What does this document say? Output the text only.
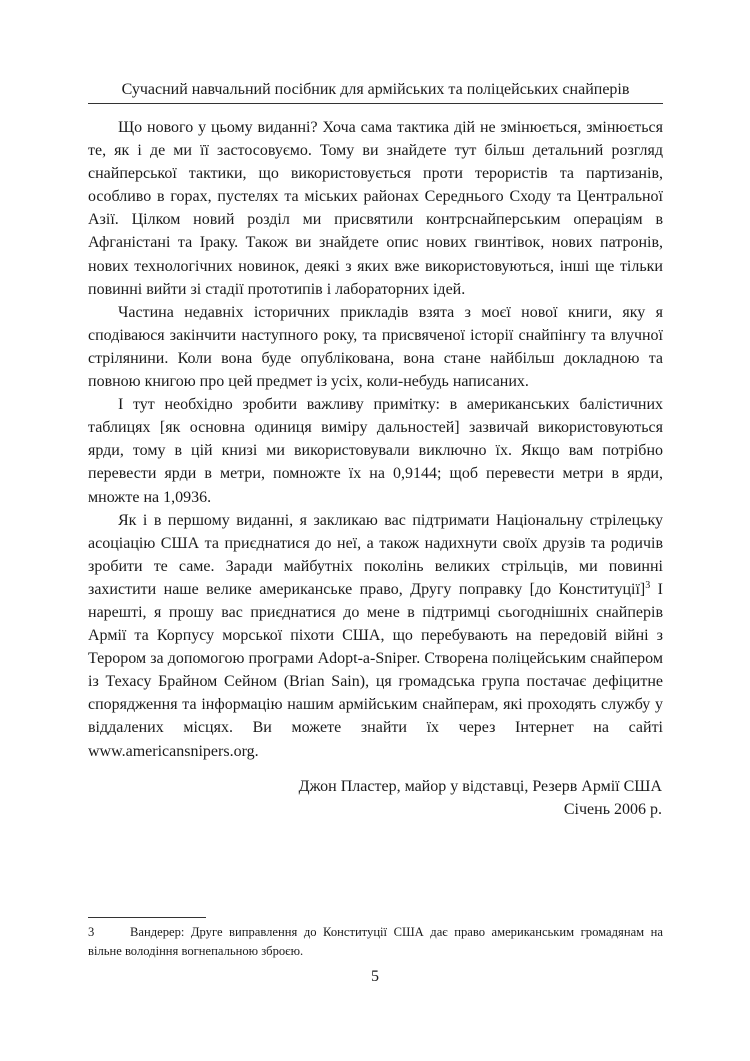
Сучасний навчальний посібник для армійських та поліцейських снайперів

Що нового у цьому виданні? Хоча сама тактика дій не змінюється, змінюється те, як і де ми її застосовуємо. Тому ви знайдете тут більш детальний розгляд снайперської тактики, що використовується проти терористів та партизанів, особливо в горах, пустелях та міських районах Середнього Сходу та Центральної Азії. Цілком новий розділ ми присвятили контрснайперським операціям в Афганістані та Іраку. Також ви знайдете опис нових гвинтівок, нових патронів, нових технологічних новинок, деякі з яких вже використовуються, інші ще тільки повинні вийти зі стадії прототипів і лабораторних ідей.

Частина недавніх історичних прикладів взята з моєї нової книги, яку я сподіваюся закінчити наступного року, та присвяченої історії снайпінгу та влучної стрілянини. Коли вона буде опублікована, вона стане найбільш докладною та повною книгою про цей предмет із усіх, коли-небудь написаних.

І тут необхідно зробити важливу примітку: в американських балістичних таблицях [як основна одиниця виміру дальностей] зазвичай використовуються ярди, тому в цій книзі ми використовували виключно їх. Якщо вам потрібно перевести ярди в метри, помножте їх на 0,9144; щоб перевести метри в ярди, множте на 1,0936.

Як і в першому виданні, я закликаю вас підтримати Національну стрілецьку асоціацію США та приєднатися до неї, а також надихнути своїх друзів та родичів зробити те саме. Заради майбутніх поколінь великих стрільців, ми повинні захистити наше велике американське право, Другу поправку [до Конституції]$^3$ І нарешті, я прошу вас приєднатися до мене в підтримці сьогоднішніх снайперів Армії та Корпусу морської піхоти США, що перебувають на передовій війні з Терором за допомогою програми Adopt-a-Sniper. Створена поліцейським снайпером із Техасу Брайном Сейном (Brian Sain), ця громадська група постачає дефіцитне спорядження та інформацію нашим армійським снайперам, які проходять службу у віддалених місцях. Ви можете знайти їх через Інтернет на сайті www.americansnipers.org.

Джон Пластер, майор у відставці, Резерв Армії США
Січень 2006 р.
3	Вандерер: Друге виправлення до Конституції США дає право американським громадянам на вільне володіння вогнепальною зброєю.
5
